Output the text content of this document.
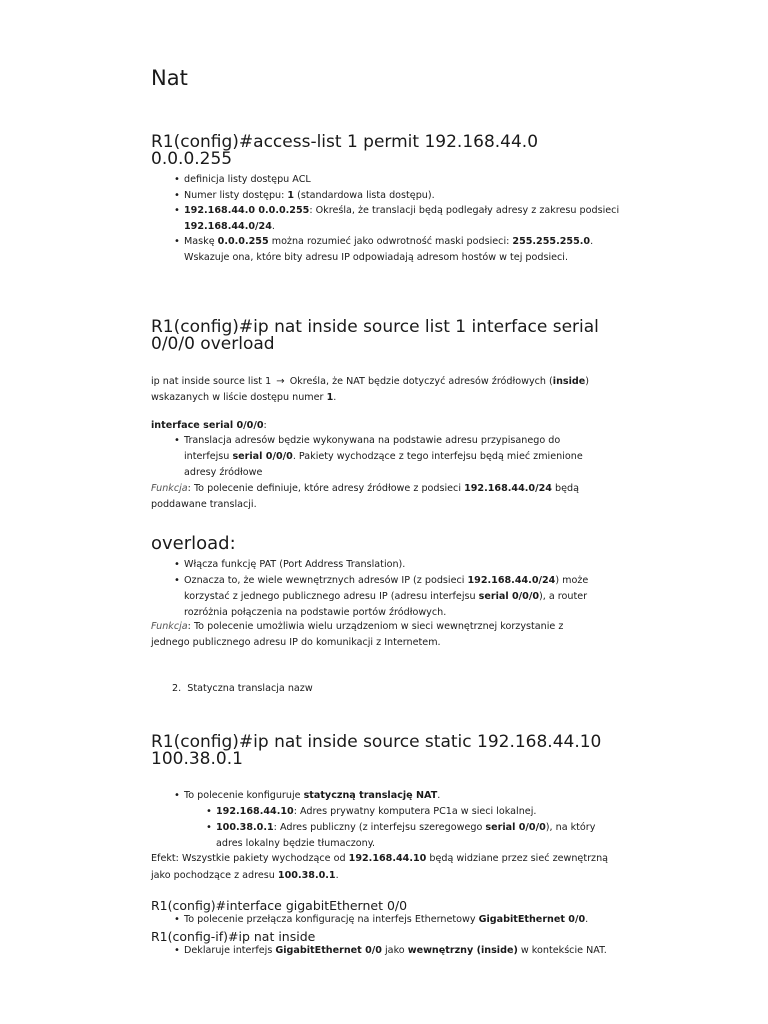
Nat
R1(config)#access-list 1 permit 192.168.44.0 0.0.0.255
• definicja listy dostępu ACL
• Numer listy dostępu: 1 (standardowa lista dostępu).
• 192.168.44.0 0.0.0.255: Określa, że translacji będą podlegały adresy z zakresu podsieci
192.168.44.0/24.
• Maskę 0.0.0.255 można rozumieć jako odwrotność maski podsieci: 255.255.255.0.
Wskazuje ona, które bity adresu IP odpowiadają adresom hostów w tej podsieci.
R1(config)#ip nat inside source list 1 interface serial
0/0/0 overload
ip nat inside source list 1 → Określa, że NAT będzie dotyczyć adresów źródłowych (inside)
wskazanych w liście dostępu numer 1.
interface serial 0/0/0:
• Translacja adresów będzie wykonywana na podstawie adresu przypisanego do
interfejsu serial 0/0/0. Pakiety wychodzące z tego interfejsu będą mieć zmienione
adresy źródłowe
Funkcja: To polecenie definiuje, które adresy źródłowe z podsieci 192.168.44.0/24 będą
poddawane translacji.
overload:
• Włącza funkcję PAT (Port Address Translation).
• Oznacza to, że wiele wewnętrznych adresów IP (z podsieci 192.168.44.0/24) może
korzystać z jednego publicznego adresu IP (adresu interfejsu serial 0/0/0), a router
rozróżnia połączenia na podstawie portów źródłowych.
Funkcja: To polecenie umożliwia wielu urządzeniom w sieci wewnętrznej korzystanie z
jednego publicznego adresu IP do komunikacji z Internetem.
2. Statyczna translacja nazw
R1(config)#ip nat inside source static 192.168.44.10
100.38.0.1
• To polecenie konfiguruje statyczną translację NAT.
• 192.168.44.10: Adres prywatny komputera PC1a w sieci lokalnej.
• 100.38.0.1: Adres publiczny (z interfejsu szeregowego serial 0/0/0), na który
adres lokalny będzie tłumaczony.
Efekt: Wszystkie pakiety wychodzące od 192.168.44.10 będą widziane przez sieć zewnętrzną
jako pochodzące z adresu 100.38.0.1.
R1(config)#interface gigabitEthernet 0/0
• To polecenie przełącza konfigurację na interfejs Ethernetowy GigabitEthernet 0/0.
R1(config-if)#ip nat inside
• Deklaruje interfejs GigabitEthernet 0/0 jako wewnętrzny (inside) w kontekście NAT.
